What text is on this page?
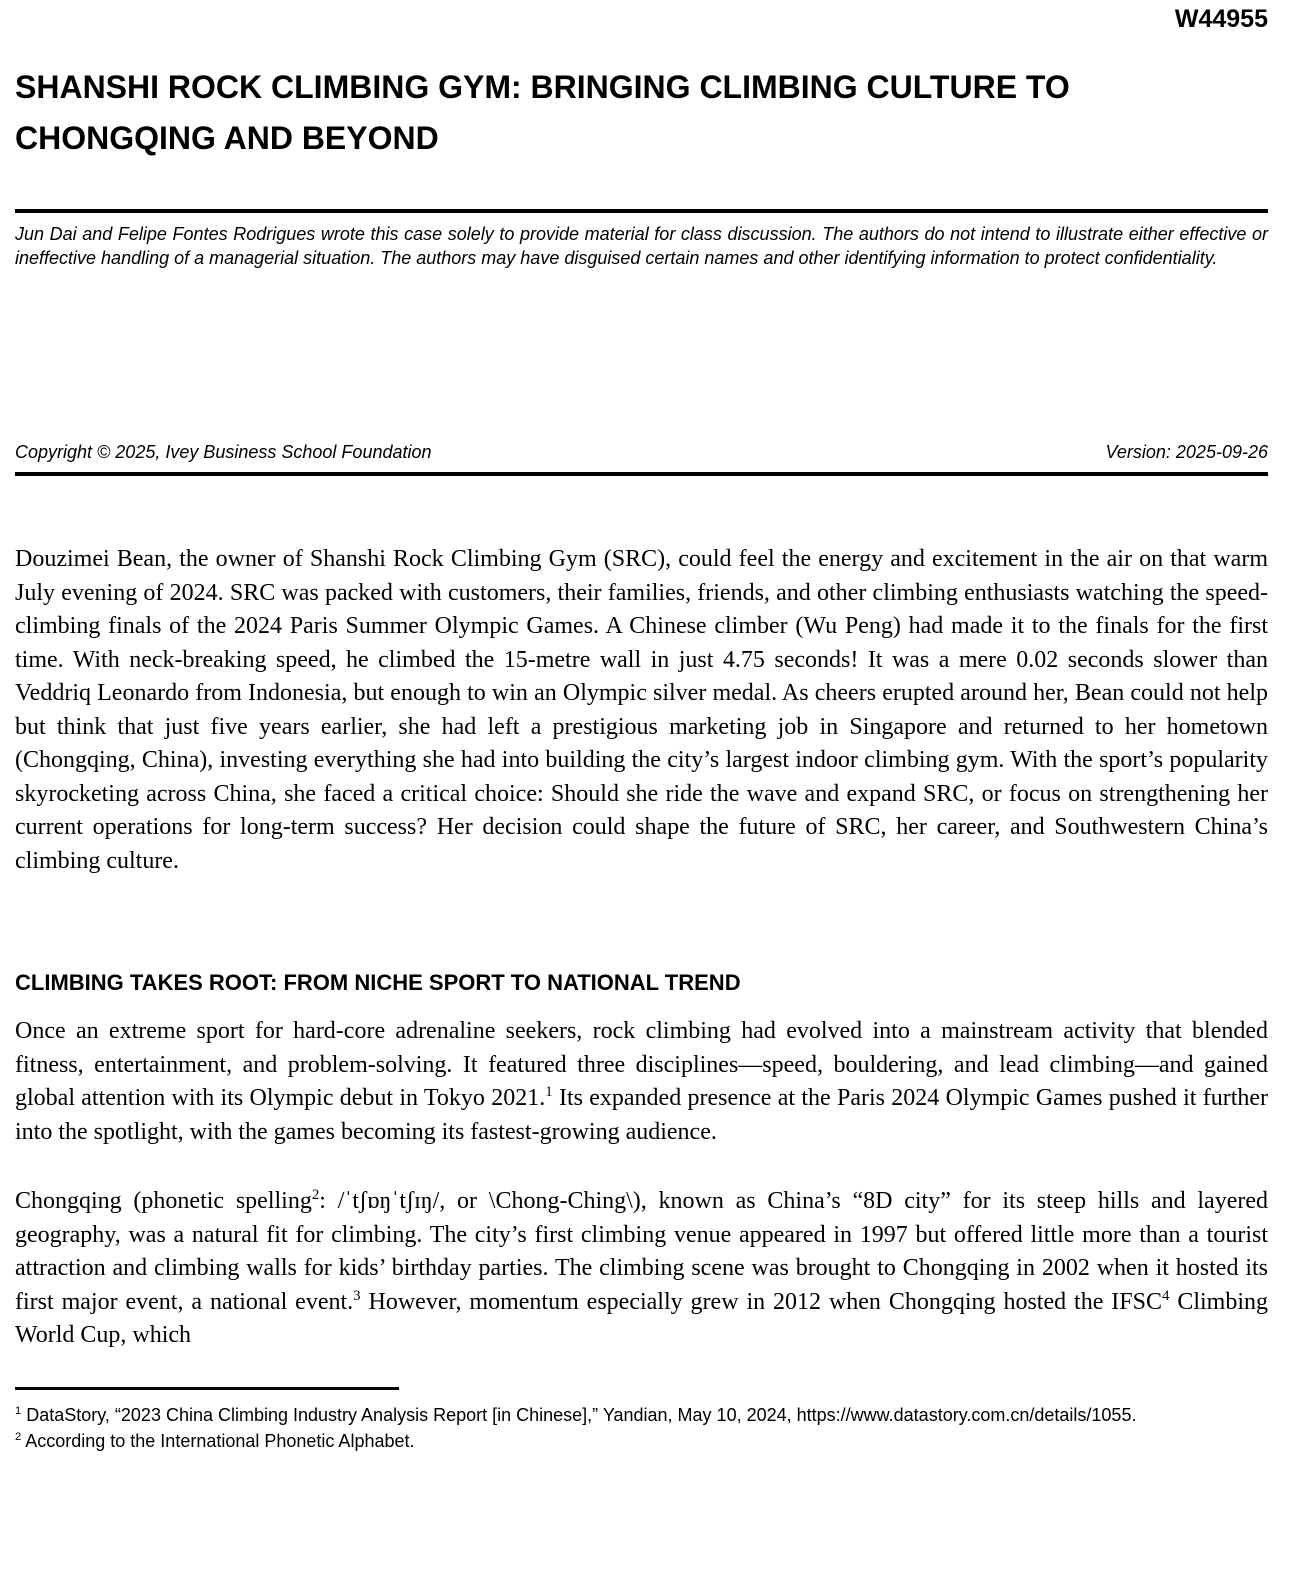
W44955
SHANSHI ROCK CLIMBING GYM: BRINGING CLIMBING CULTURE TO CHONGQING AND BEYOND

Jun Dai and Felipe Fontes Rodrigues wrote this case solely to provide material for class discussion. The authors do not intend to illustrate either effective or ineffective handling of a managerial situation. The authors may have disguised certain names and other identifying information to protect confidentiality.

Copyright © 2025, Ivey Business School Foundation	Version: 2025-09-26

Douzimei Bean, the owner of Shanshi Rock Climbing Gym (SRC), could feel the energy and excitement in the air on that warm July evening of 2024. SRC was packed with customers, their families, friends, and other climbing enthusiasts watching the speed-climbing finals of the 2024 Paris Summer Olympic Games. A Chinese climber (Wu Peng) had made it to the finals for the first time. With neck-breaking speed, he climbed the 15-metre wall in just 4.75 seconds! It was a mere 0.02 seconds slower than Veddriq Leonardo from Indonesia, but enough to win an Olympic silver medal. As cheers erupted around her, Bean could not help but think that just five years earlier, she had left a prestigious marketing job in Singapore and returned to her hometown (Chongqing, China), investing everything she had into building the city’s largest indoor climbing gym. With the sport’s popularity skyrocketing across China, she faced a critical choice: Should she ride the wave and expand SRC, or focus on strengthening her current operations for long-term success? Her decision could shape the future of SRC, her career, and Southwestern China’s climbing culture.

CLIMBING TAKES ROOT: FROM NICHE SPORT TO NATIONAL TREND

Once an extreme sport for hard-core adrenaline seekers, rock climbing had evolved into a mainstream activity that blended fitness, entertainment, and problem-solving. It featured three disciplines—speed, bouldering, and lead climbing—and gained global attention with its Olympic debut in Tokyo 2021.$^1$ Its expanded presence at the Paris 2024 Olympic Games pushed it further into the spotlight, with the games becoming its fastest-growing audience.

Chongqing (phonetic spelling$^2$: /ˈtʃɒŋˈtʃɪŋ/, or \Chong-Ching\), known as China’s “8D city” for its steep hills and layered geography, was a natural fit for climbing. The city’s first climbing venue appeared in 1997 but offered little more than a tourist attraction and climbing walls for kids’ birthday parties. The climbing scene was brought to Chongqing in 2002 when it hosted its first major event, a national event.$^3$ However, momentum especially grew in 2012 when Chongqing hosted the IFSC$^4$ Climbing World Cup, which

$^1$ DataStory, “2023 China Climbing Industry Analysis Report [in Chinese],” Yandian, May 10, 2024, https://www.datastory.com.cn/details/1055.

$^2$ According to the International Phonetic Alphabet.
